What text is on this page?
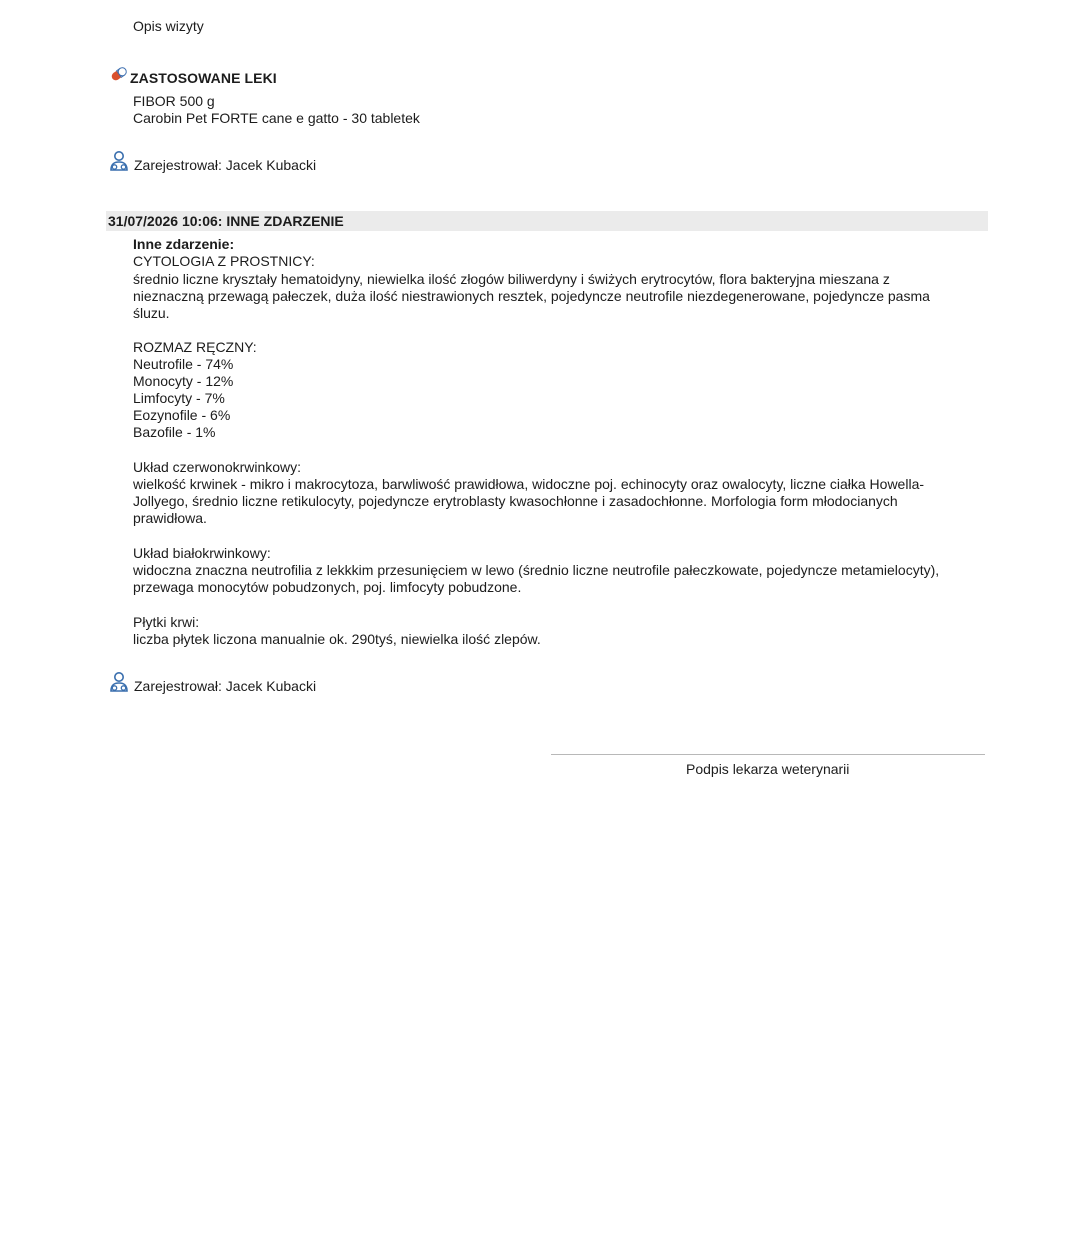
Opis wizyty
ZASTOSOWANE LEKI
FIBOR 500 g
Carobin Pet FORTE cane e gatto - 30 tabletek
Zarejestrował: Jacek Kubacki
31/07/2026 10:06: INNE ZDARZENIE
Inne zdarzenie:
CYTOLOGIA Z PROSTNICY:
średnio liczne kryształy hematoidyny, niewielka ilość złogów biliwerdyny i świżych erytrocytów, flora bakteryjna mieszana z nieznaczną przewagą pałeczek, duża ilość niestrawionych resztek, pojedyncze neutrofile niezdegenerowane, pojedyncze pasma śluzu.
ROZMAZ RĘCZNY:
Neutrofile - 74%
Monocyty - 12%
Limfocyty - 7%
Eozynofile - 6%
Bazofile - 1%
Układ czerwonokrwinkowy:
wielkość krwinek - mikro i makrocytoza, barwliwość prawidłowa, widoczne poj. echinocyty oraz owalocyty, liczne ciałka Howella-Jollyego, średnio liczne retikulocyty, pojedyncze erytroblasty kwasochłonne i zasadochłonne. Morfologia form młodocianych prawidłowa.
Układ białokrwinkowy:
widoczna znaczna neutrofilia z lekkkim przesunięciem w lewo (średnio liczne neutrofile pałeczkowate, pojedyncze metamielocyty), przewaga monocytów pobudzonych, poj. limfocyty pobudzone.
Płytki krwi:
liczba płytek liczona manualnie ok. 290tyś, niewielka ilość zlepów.
Zarejestrował: Jacek Kubacki
Podpis lekarza weterynarii
